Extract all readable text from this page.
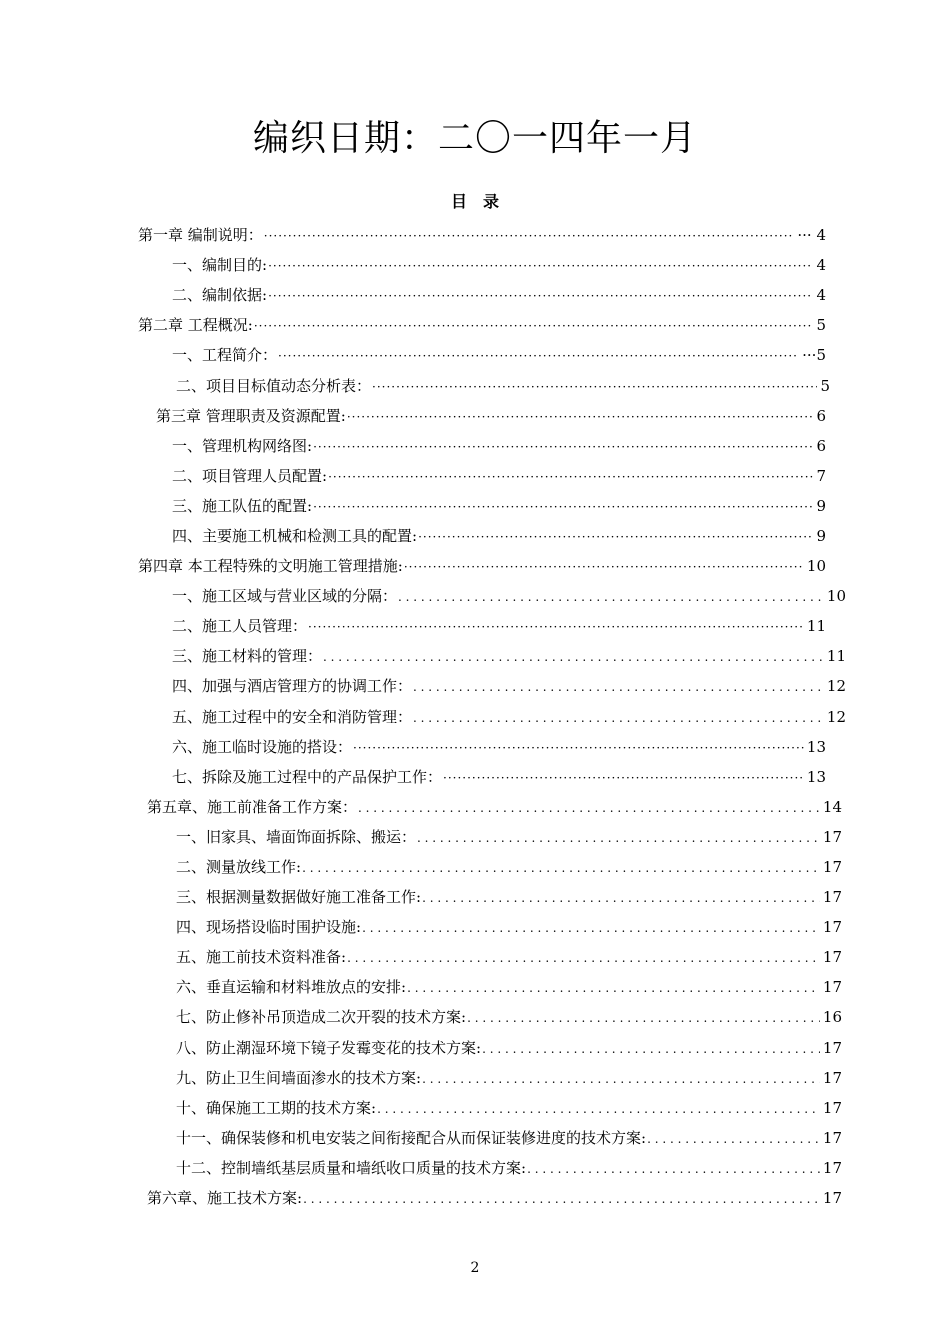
编织日期：二〇一四年一月
目　录
第一章 编制说明： ·····	··· 4
一、编制目的: ·····	4
二、编制依据: ·····	4
第二章 工程概况: ·····	5
一、工程简介： ·····	···5
二、项目目标值动态分析表： ·····	5
第三章 管理职责及资源配置: ·····	6
一、管理机构网络图: ·····	6
二、项目管理人员配置: ·····	7
三、施工队伍的配置: ·····	9
四、主要施工机械和检测工具的配置: ·····	9
第四章 本工程特殊的文明施工管理措施: ·····	10
一、施工区域与营业区域的分隔： . . .	10
二、施工人员管理： ·····	11
三、施工材料的管理： . . .	11
四、加强与酒店管理方的协调工作： . . .	12
五、施工过程中的安全和消防管理： . . .	12
六、施工临时设施的搭设： ·····	13
七、拆除及施工过程中的产品保护工作： ·····	13
第五章、施工前准备工作方案： . . .	14
一、旧家具、墙面饰面拆除、搬运： . . .	17
二、测量放线工作: . . .	17
三、根据测量数据做好施工准备工作: . . .	17
四、现场搭设临时围护设施: . . .	17
五、施工前技术资料准备: . . .	17
六、垂直运输和材料堆放点的安排: . . .	17
七、防止修补吊顶造成二次开裂的技术方案: . . .	16
八、防止潮湿环境下镜子发霉变花的技术方案: . . .	17
九、防止卫生间墙面渗水的技术方案: . . .	17
十、确保施工工期的技术方案: . . .	17
十一、确保装修和机电安装之间衔接配合从而保证装修进度的技术方案: . . .	17
十二、控制墙纸基层质量和墙纸收口质量的技术方案: . . .	17
第六章、施工技术方案: . . .	17
2
